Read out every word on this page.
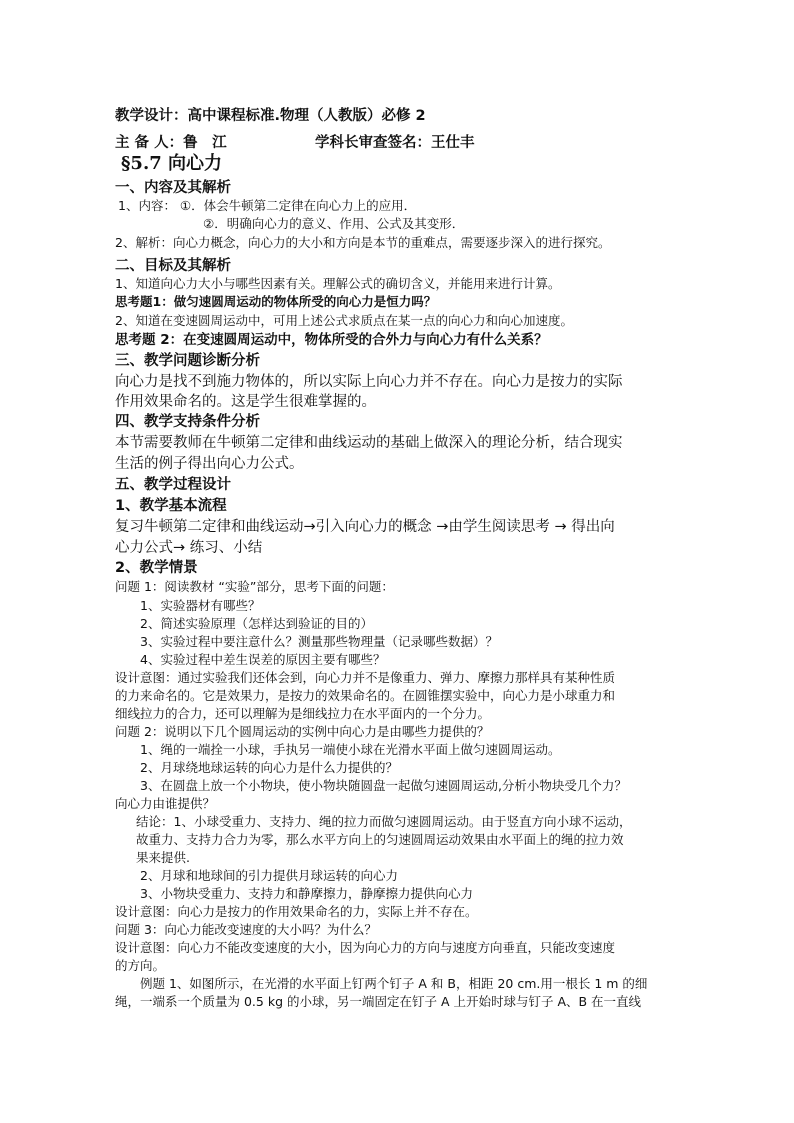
教学设计：高中课程标准.物理（人教版）必修 2
主 备 人：鲁　江	学科长审查签名：王仕丰
§5.7 向心力
一、内容及其解析
1、内容： ①．体会牛顿第二定律在向心力上的应用．
②．明确向心力的意义、作用、公式及其变形．
2、解析：向心力概念，向心力的大小和方向是本节的重难点，需要逐步深入的进行探究。
二、目标及其解析
1、知道向心力大小与哪些因素有关。理解公式的确切含义，并能用来进行计算。
思考题1：做匀速圆周运动的物体所受的向心力是恒力吗？
2、知道在变速圆周运动中，可用上述公式求质点在某一点的向心力和向心加速度。
思考题 2：在变速圆周运动中，物体所受的合外力与向心力有什么关系？
三、教学问题诊断分析
向心力是找不到施力物体的，所以实际上向心力并不存在。向心力是按力的实际
作用效果命名的。这是学生很难掌握的。
四、教学支持条件分析
本节需要教师在牛顿第二定律和曲线运动的基础上做深入的理论分析，结合现实
生活的例子得出向心力公式。
五、教学过程设计
1、教学基本流程
复习牛顿第二定律和曲线运动→引入向心力的概念 →由学生阅读思考 → 得出向
心力公式→ 练习、小结
2、教学情景
问题 1：阅读教材 “实验”部分，思考下面的问题：
1、实验器材有哪些？
2、简述实验原理（怎样达到验证的目的）
3、实验过程中要注意什么？测量那些物理量（记录哪些数据）？
4、实验过程中差生误差的原因主要有哪些？
设计意图：通过实验我们还体会到，向心力并不是像重力、弹力、摩擦力那样具有某种性质
的力来命名的。它是效果力，是按力的效果命名的。在圆锥摆实验中，向心力是小球重力和
细线拉力的合力，还可以理解为是细线拉力在水平面内的一个分力。
问题 2：说明以下几个圆周运动的实例中向心力是由哪些力提供的？
1、绳的一端拴一小球，手执另一端使小球在光滑水平面上做匀速圆周运动。
2、月球绕地球运转的向心力是什么力提供的？
3、在圆盘上放一个小物块，使小物块随圆盘一起做匀速圆周运动,分析小物块受几个力？
向心力由谁提供？
结论：1、小球受重力、支持力、绳的拉力而做匀速圆周运动。由于竖直方向小球不运动，
故重力、支持力合力为零，那么水平方向上的匀速圆周运动效果由水平面上的绳的拉力效
果来提供.
2、月球和地球间的引力提供月球运转的向心力
3、小物块受重力、支持力和静摩擦力，静摩擦力提供向心力
设计意图：向心力是按力的作用效果命名的力，实际上并不存在。
问题 3：向心力能改变速度的大小吗？为什么？
设计意图：向心力不能改变速度的大小，因为向心力的方向与速度方向垂直，只能改变速度
的方向。
例题 1、如图所示，在光滑的水平面上钉两个钉子 A 和 B，相距 20 cm.用一根长 1 m 的细
绳，一端系一个质量为 0.5 kg 的小球，另一端固定在钉子 A 上开始时球与钉子 A、B 在一直线
